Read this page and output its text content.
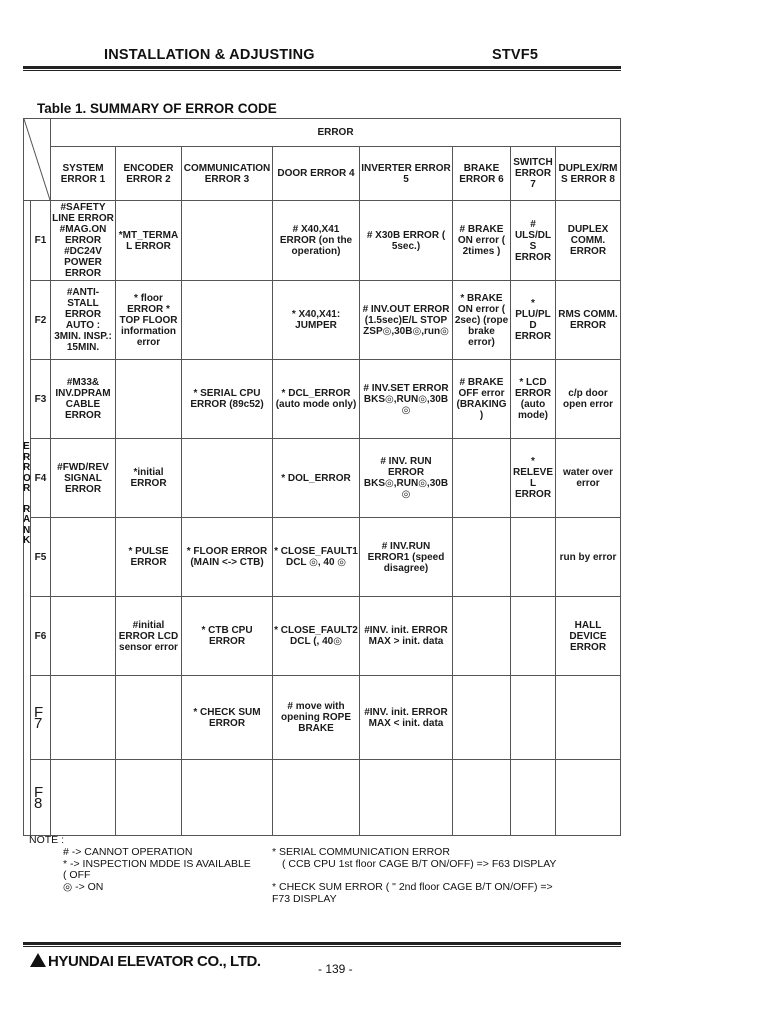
INSTALLATION & ADJUSTING	STVF5
Table 1. SUMMARY OF ERROR CODE
	ERROR							
		SYSTEM ERROR 1	ENCODER ERROR 2	COMMUNICATION ERROR 3	DOOR ERROR 4	INVERTER ERROR 5	BRAKE ERROR 6	SWITCH ERROR 7	DUPLEX/RMS ERROR 8
	F1	#SAFETY LINE ERROR #MAG.ON ERROR #DC24V POWER ERROR	*MT_TERMAL ERROR		# X40,X41 ERROR (on the operation)	# X30B ERROR ( 5sec.)	# BRAKE ON error ( 2times )	# ULS/DLS ERROR	DUPLEX COMM. ERROR
	F2	#ANTI-STALL ERROR AUTO : 3MIN. INSP.: 15MIN.	* floor ERROR * TOP FLOOR information error		* X40,X41: JUMPER	# INV.OUT ERROR (1.5sec)E/L STOP ZSP◎,30B◎,run◎	* BRAKE ON error ( 2sec) (rope brake error)	* PLU/PLD ERROR	RMS COMM. ERROR
	F3	#M33& INV.DPRAM CABLE ERROR		* SERIAL CPU ERROR (89c52)	* DCL_ERROR (auto mode only)	# INV.SET ERROR BKS◎,RUN◎,30B◎	# BRAKE OFF error (BRAKING )	* LCD ERROR (auto mode)	c/p door open error
	F4	#FWD/REV SIGNAL ERROR	*initial ERROR		* DOL_ERROR	# INV. RUN ERROR BKS◎,RUN◎,30B◎		* RELEVEL ERROR	water over error
	F5		* PULSE ERROR	* FLOOR ERROR (MAIN <-> CTB)	* CLOSE_FAULT1 DCL ◎, 40 ◎	# INV.RUN ERROR1 (speed disagree)			run by error
	F6		#initial ERROR LCD sensor error	* CTB CPU ERROR	* CLOSE_FAULT2 DCL (, 40◎	#INV. init. ERROR MAX > init. data			HALL DEVICE ERROR
	F7			* CHECK SUM ERROR	# move with opening ROPE BRAKE	#INV. init. ERROR MAX < init. data			
	F8								
E
R
R
O
R
R
A
N
K
NOTE :
# -> CANNOT OPERATION
* -> INSPECTION MDDE IS AVAILABLE
( OFF
◎ -> ON
* SERIAL COMMUNICATION ERROR
( CCB CPU 1st floor CAGE B/T ON/OFF) => F63 DISPLAY
* CHECK SUM ERROR ( " 2nd floor CAGE B/T ON/OFF) =>
F73 DISPLAY
HYUNDAI ELEVATOR CO., LTD.	- 139 -
